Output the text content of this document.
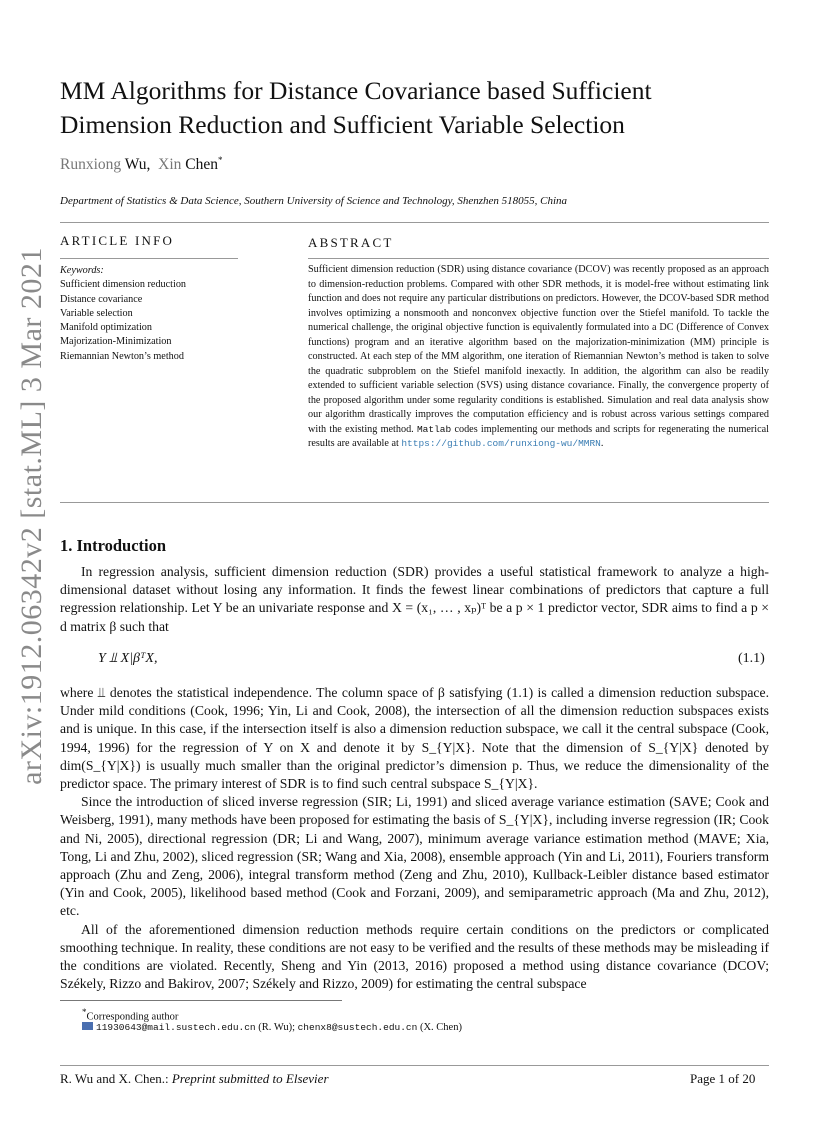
arXiv:1912.06342v2 [stat.ML] 3 Mar 2021
MM Algorithms for Distance Covariance based Sufficient
Dimension Reduction and Sufficient Variable Selection
Runxiong Wu, Xin Chen*
Department of Statistics & Data Science, Southern University of Science and Technology, Shenzhen 518055, China
ARTICLE INFO
Keywords:
Sufficient dimension reduction
Distance covariance
Variable selection
Manifold optimization
Majorization-Minimization
Riemannian Newton’s method
ABSTRACT
Sufficient dimension reduction (SDR) using distance covariance (DCOV) was recently proposed as an approach to dimension-reduction problems. Compared with other SDR methods, it is model-free without estimating link function and does not require any particular distributions on predictors. However, the DCOV-based SDR method involves optimizing a nonsmooth and nonconvex objective function over the Stiefel manifold. To tackle the numerical challenge, the original objective function is equivalently formulated into a DC (Difference of Convex functions) program and an iterative algorithm based on the majorization-minimization (MM) principle is constructed. At each step of the MM algorithm, one iteration of Riemannian Newton’s method is taken to solve the quadratic subproblem on the Stiefel manifold inexactly. In addition, the algorithm can also be readily extended to sufficient variable selection (SVS) using distance covariance. Finally, the convergence property of the proposed algorithm under some regularity conditions is established. Simulation and real data analysis show our algorithm drastically improves the computation efficiency and is robust across various settings compared with the existing method. Matlab codes implementing our methods and scripts for regenerating the numerical results are available at https://github.com/runxiong-wu/MMRN.
1. Introduction

In regression analysis, sufficient dimension reduction (SDR) provides a useful statistical framework to analyze a high-dimensional dataset without losing any information. It finds the fewest linear combinations of predictors that capture a full regression relationship. Let Y be an univariate response and X = (x₁, … , xₚ)ᵀ be a p × 1 predictor vector, SDR aims to find a p × d matrix β such that

Y ⫫ X|βᵀX,	(1.1)

where ⫫ denotes the statistical independence. The column space of β satisfying (1.1) is called a dimension reduction subspace. Under mild conditions (Cook, 1996; Yin, Li and Cook, 2008), the intersection of all the dimension reduction subspaces exists and is unique. In this case, if the intersection itself is also a dimension reduction subspace, we call it the central subspace (Cook, 1994, 1996) for the regression of Y on X and denote it by S_{Y|X}. Note that the dimension of S_{Y|X} denoted by dim(S_{Y|X}) is usually much smaller than the original predictor’s dimension p. Thus, we reduce the dimensionality of the predictor space. The primary interest of SDR is to find such central subspace S_{Y|X}.

Since the introduction of sliced inverse regression (SIR; Li, 1991) and sliced average variance estimation (SAVE; Cook and Weisberg, 1991), many methods have been proposed for estimating the basis of S_{Y|X}, including inverse regression (IR; Cook and Ni, 2005), directional regression (DR; Li and Wang, 2007), minimum average variance estimation method (MAVE; Xia, Tong, Li and Zhu, 2002), sliced regression (SR; Wang and Xia, 2008), ensemble approach (Yin and Li, 2011), Fouriers transform approach (Zhu and Zeng, 2006), integral transform method (Zeng and Zhu, 2010), Kullback-Leibler distance based estimator (Yin and Cook, 2005), likelihood based method (Cook and Forzani, 2009), and semiparametric approach (Ma and Zhu, 2012), etc.

All of the aforementioned dimension reduction methods require certain conditions on the predictors or complicated smoothing technique. In reality, these conditions are not easy to be verified and the results of these methods may be misleading if the conditions are violated. Recently, Sheng and Yin (2013, 2016) proposed a method using distance covariance (DCOV; Székely, Rizzo and Bakirov, 2007; Székely and Rizzo, 2009) for estimating the central subspace

*Corresponding author
11930643@mail.sustech.edu.cn (R. Wu); chenx8@sustech.edu.cn (X. Chen)
R. Wu and X. Chen.: Preprint submitted to Elsevier	Page 1 of 20
